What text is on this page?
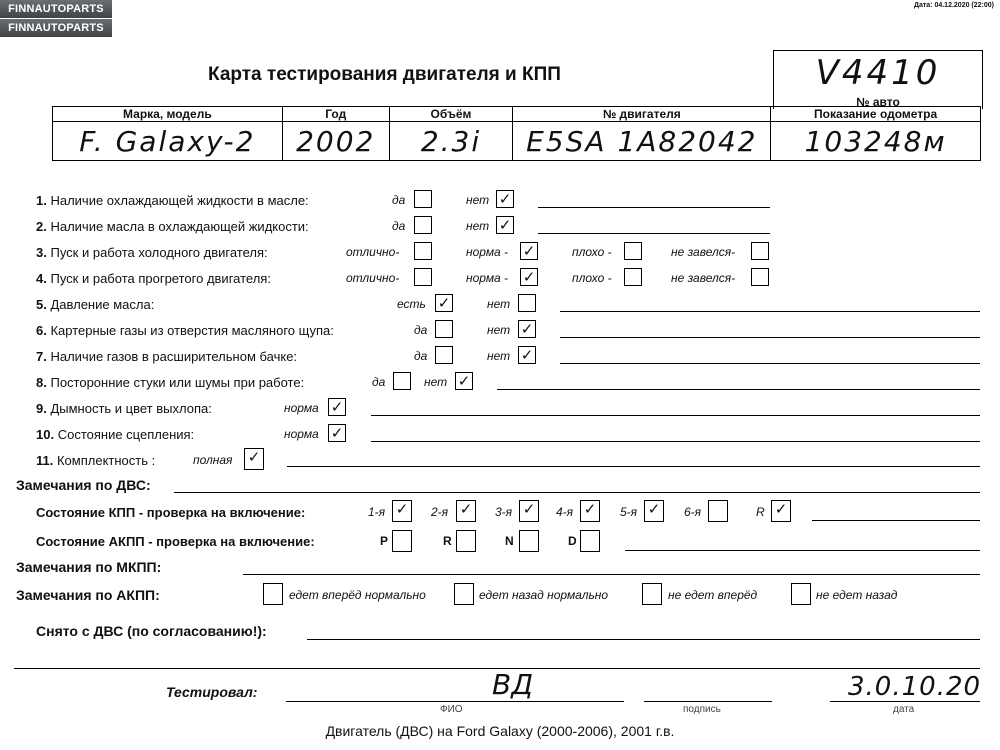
FINNAUTOPARTS
FINNAUTOPARTS
Дата: 04.12.2020 (22:00)
Карта тестирования двигателя и КПП	V4410
№ авто
Марка, модель	Год	Объём	№ двигателя	Показание одометра
F. Galaxy-2	2002	2.3i	E5SA 1A82042	103248м
1. Наличие охлаждающей жидкости в масле:	да	нет ✓
2. Наличие масла в охлаждающей жидкости:	да	нет ✓
3. Пуск и работа холодного двигателя:	отлично-	норма - ✓	плохо -	не завелся-
4. Пуск и работа прогретого двигателя:	отлично-	норма - ✓	плохо -	не завелся-
5. Давление масла:	есть ✓	нет
6. Картерные газы из отверстия масляного щупа:	да	нет ✓
7. Наличие газов в расширительном бачке:	да	нет ✓
8. Посторонние стуки или шумы при работе:	да	нет ✓
9. Дымность и цвет выхлопа:	норма ✓
10. Состояние сцепления:	норма ✓
11. Комплектность :	полная ✓
Замечания по ДВС:
Состояние КПП - проверка на включение:	1-я ✓	2-я ✓	3-я ✓	4-я ✓	5-я ✓	6-я	R ✓
Состояние АКПП - проверка на включение:	P	R	N	D
Замечания по МКПП:
Замечания по АКПП:	едет вперёд нормально	едет назад нормально	не едет вперёд	не едет назад
Снято с ДВС (по согласованию!):
Тестировал:	ВД
ФИО	подпись
3.0.10.20
дата
Двигатель (ДВС) на Ford Galaxy (2000-2006), 2001 г.в.
